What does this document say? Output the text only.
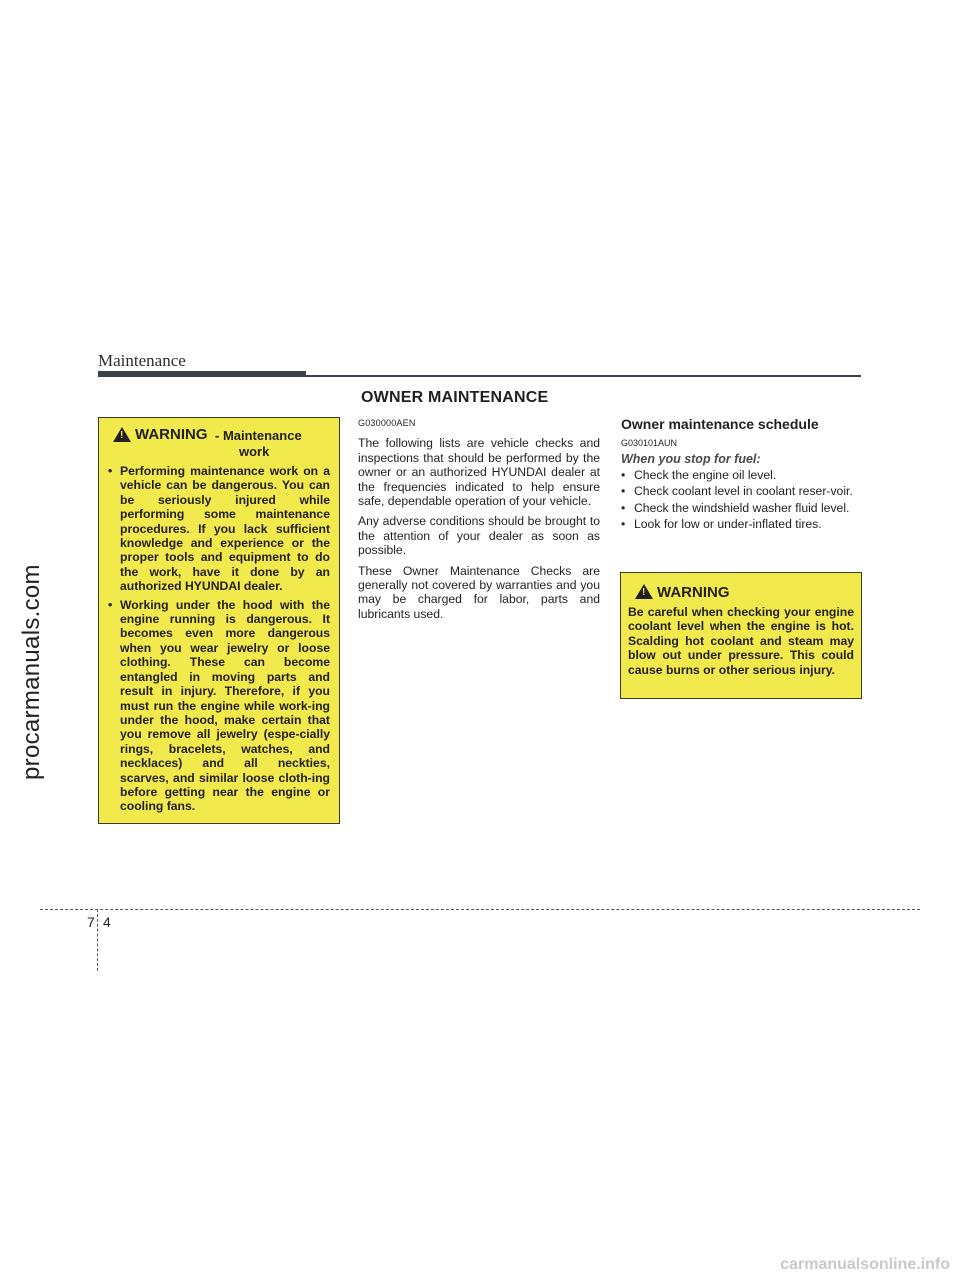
Maintenance
OWNER MAINTENANCE
! WARNING - Maintenance
work
• Performing maintenance work on a vehicle can be dangerous. You can be seriously injured while performing some maintenance procedures. If you lack sufficient knowledge and experience or the proper tools and equipment to do the work, have it done by an authorized HYUNDAI dealer.
• Working under the hood with the engine running is dangerous. It becomes even more dangerous when you wear jewelry or loose clothing. These can become entangled in moving parts and result in injury. Therefore, if you must run the engine while work-ing under the hood, make certain that you remove all jewelry (espe-cially rings, bracelets, watches, and necklaces) and all neckties, scarves, and similar loose cloth-ing before getting near the engine or cooling fans.
G030000AEN

The following lists are vehicle checks and inspections that should be performed by the owner or an authorized HYUNDAI dealer at the frequencies indicated to help ensure safe, dependable operation of your vehicle.

Any adverse conditions should be brought to the attention of your dealer as soon as possible.

These Owner Maintenance Checks are generally not covered by warranties and you may be charged for labor, parts and lubricants used.

Owner maintenance schedule
G030101AUN
When you stop for fuel:
• Check the engine oil level.
• Check coolant level in coolant reser-voir.
• Check the windshield washer fluid level.
• Look for low or under-inflated tires.
! WARNING
Be careful when checking your engine coolant level when the engine is hot. Scalding hot coolant and steam may blow out under pressure. This could cause burns or other serious injury.
7 4
procarmanuals.com
carmanualsonline.info
